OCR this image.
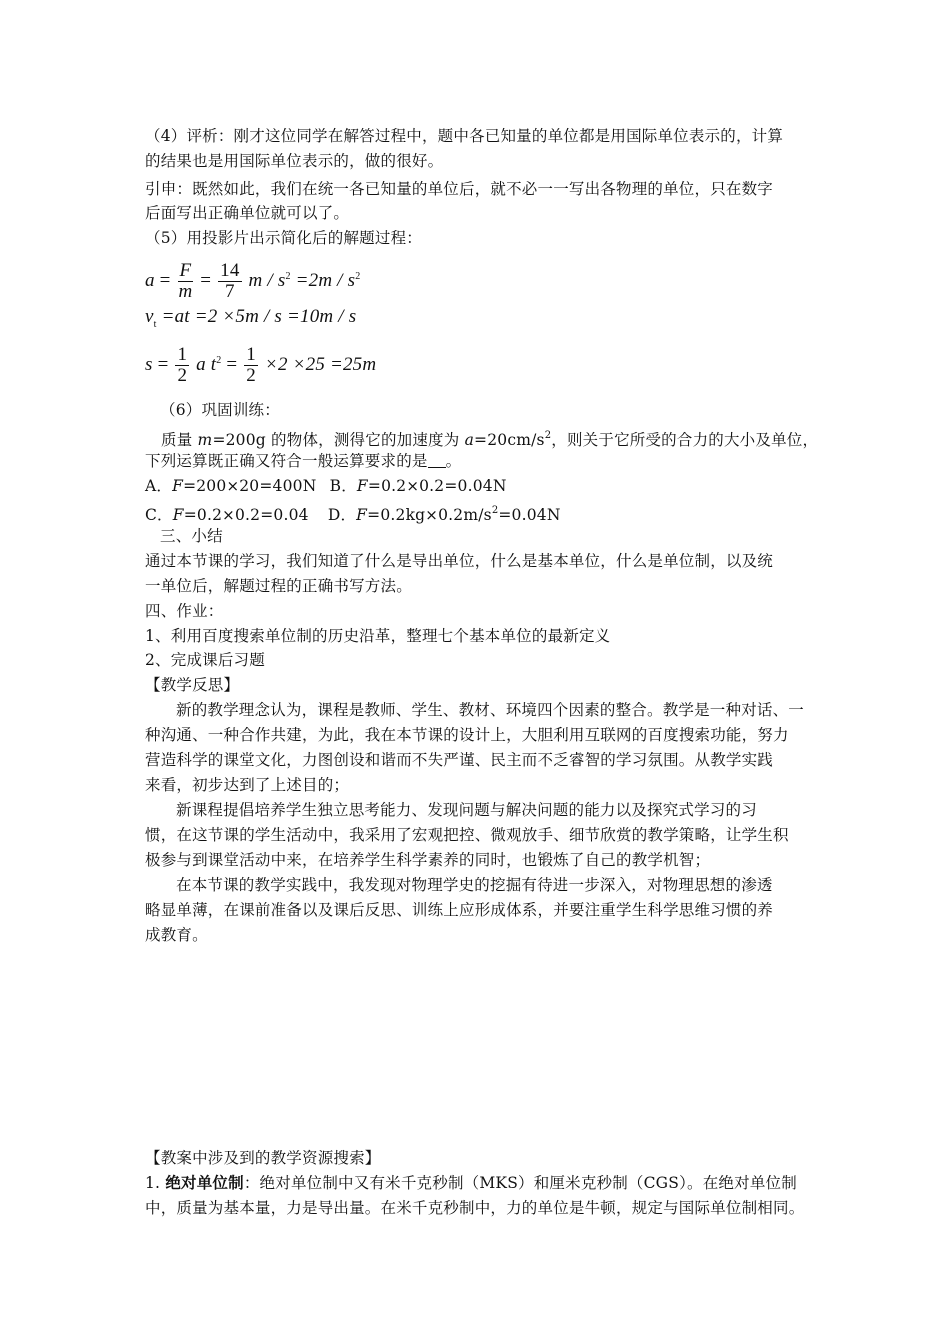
（4）评析：刚才这位同学在解答过程中，题中各已知量的单位都是用国际单位表示的，计算
的结果也是用国际单位表示的，做的很好。
引申：既然如此，我们在统一各已知量的单位后，就不必一一写出各物理的单位，只在数字
后面写出正确单位就可以了。
（5）用投影片出示简化后的解题过程：
$a = \frac{F}{m} = \frac{14}{7}$ $m / s^2 =2m / s^2$
$v_t =at =2 \times 5m / s =10m / s$
$s = \frac{1}{2}$ a $t^2 = \frac{1}{2} \times 2 \times 25 =25m$
（6）巩固训练：
质量 m=200g 的物体，测得它的加速度为 $a=20cm/s^2$，则关于它所受的合力的大小及单位，
下列运算既正确又符合一般运算要求的是 。
A．F=200×20=400N B．F=0.2×0.2=0.04N
C．F=0.2×0.2=0.04 D．$F=0.2kg\times 0.2m/s^2=0.04N$
三、小结
通过本节课的学习，我们知道了什么是导出单位，什么是基本单位，什么是单位制，以及统
一单位后，解题过程的正确书写方法。
四、作业：
1、利用百度搜索单位制的历史沿革，整理七个基本单位的最新定义
2、完成课后习题
【教学反思】
新的教学理念认为，课程是教师、学生、教材、环境四个因素的整合。教学是一种对话、一
种沟通、一种合作共建，为此，我在本节课的设计上，大胆利用互联网的百度搜索功能，努力
营造科学的课堂文化，力图创设和谐而不失严谨、民主而不乏睿智的学习氛围。从教学实践
来看，初步达到了上述目的；
新课程提倡培养学生独立思考能力、发现问题与解决问题的能力以及探究式学习的习
惯，在这节课的学生活动中，我采用了宏观把控、微观放手、细节欣赏的教学策略，让学生积
极参与到课堂活动中来，在培养学生科学素养的同时，也锻炼了自己的教学机智；
在本节课的教学实践中，我发现对物理学史的挖掘有待进一步深入，对物理思想的渗透
略显单薄，在课前准备以及课后反思、训练上应形成体系，并要注重学生科学思维习惯的养
成教育。
【教案中涉及到的教学资源搜索】
1. 绝对单位制：绝对单位制中又有米千克秒制（MKS）和厘米克秒制（CGS）。在绝对单位制
中，质量为基本量，力是导出量。在米千克秒制中，力的单位是牛顿，规定与国际单位制相同。
